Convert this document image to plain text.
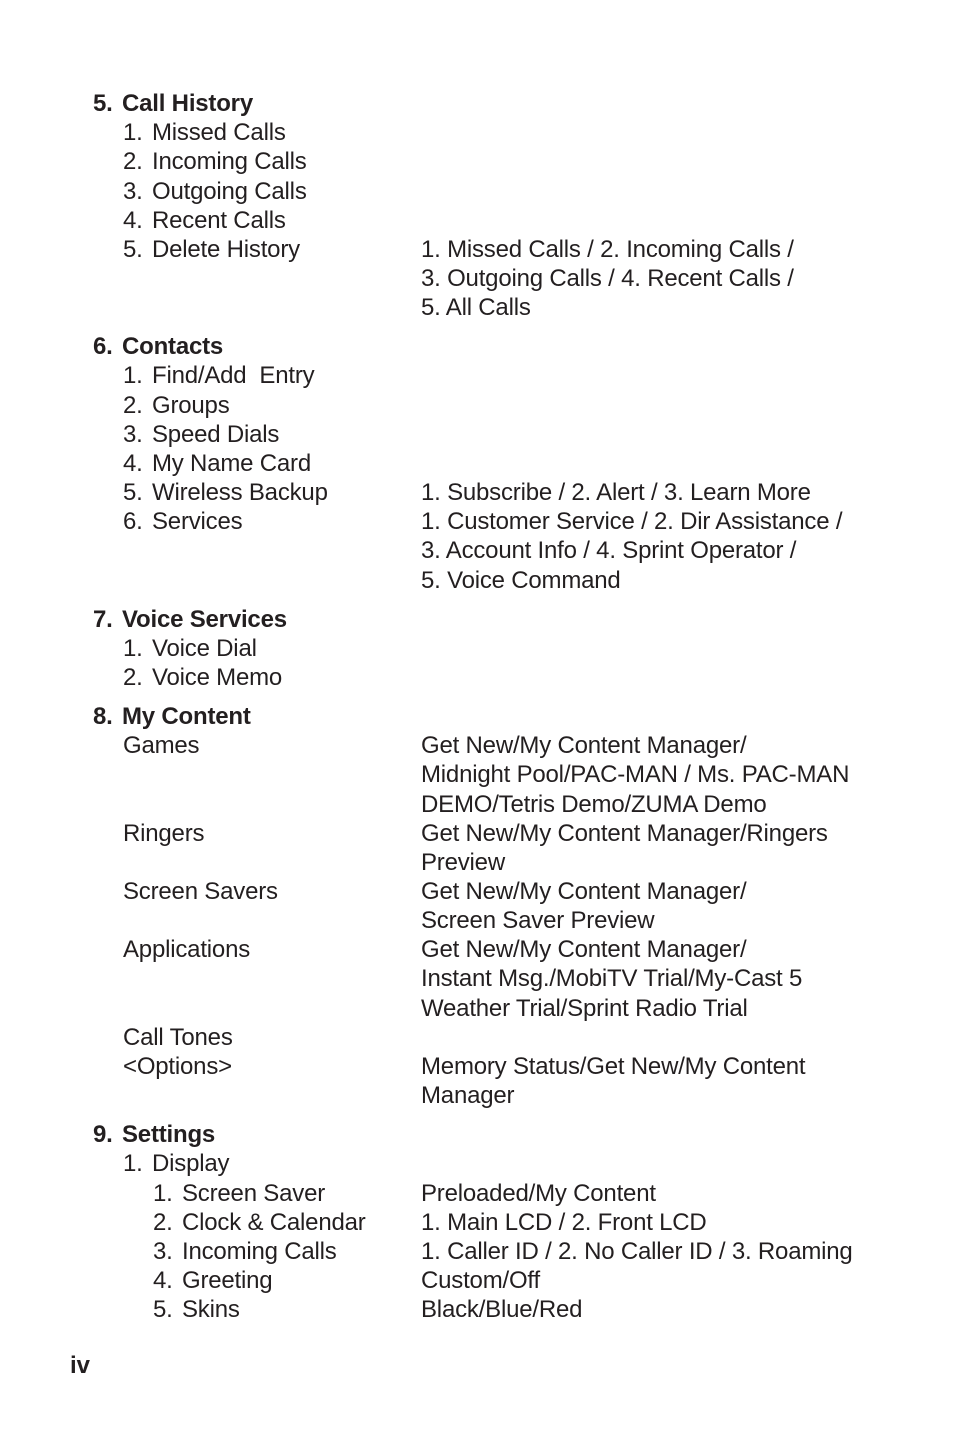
5. Call History
1. Missed Calls
2. Incoming Calls
3. Outgoing Calls
4. Recent Calls
5. Delete History	1. Missed Calls / 2. Incoming Calls /
3. Outgoing Calls / 4. Recent Calls /
5. All Calls
6. Contacts
1. Find/Add  Entry
2. Groups
3. Speed Dials
4. My Name Card
5. Wireless Backup	1. Subscribe / 2. Alert / 3. Learn More
6. Services	1. Customer Service / 2. Dir Assistance /
3. Account Info / 4. Sprint Operator /
5. Voice Command
7. Voice Services
1. Voice Dial
2. Voice Memo
8. My Content
Games	Get New/My Content Manager/
Midnight Pool/PAC-MAN / Ms. PAC-MAN
DEMO/Tetris Demo/ZUMA Demo
Ringers	Get New/My Content Manager/Ringers
Preview
Screen Savers	Get New/My Content Manager/
Screen Saver Preview
Applications	Get New/My Content Manager/
Instant Msg./MobiTV Trial/My-Cast 5
Weather Trial/Sprint Radio Trial
Call Tones
<Options>	Memory Status/Get New/My Content
Manager
9. Settings
1. Display
1. Screen Saver	Preloaded/My Content
2. Clock & Calendar 1. Main LCD / 2. Front LCD
3. Incoming Calls	1. Caller ID / 2. No Caller ID / 3. Roaming
4. Greeting	Custom/Off
5. Skins	Black/Blue/Red
iv
